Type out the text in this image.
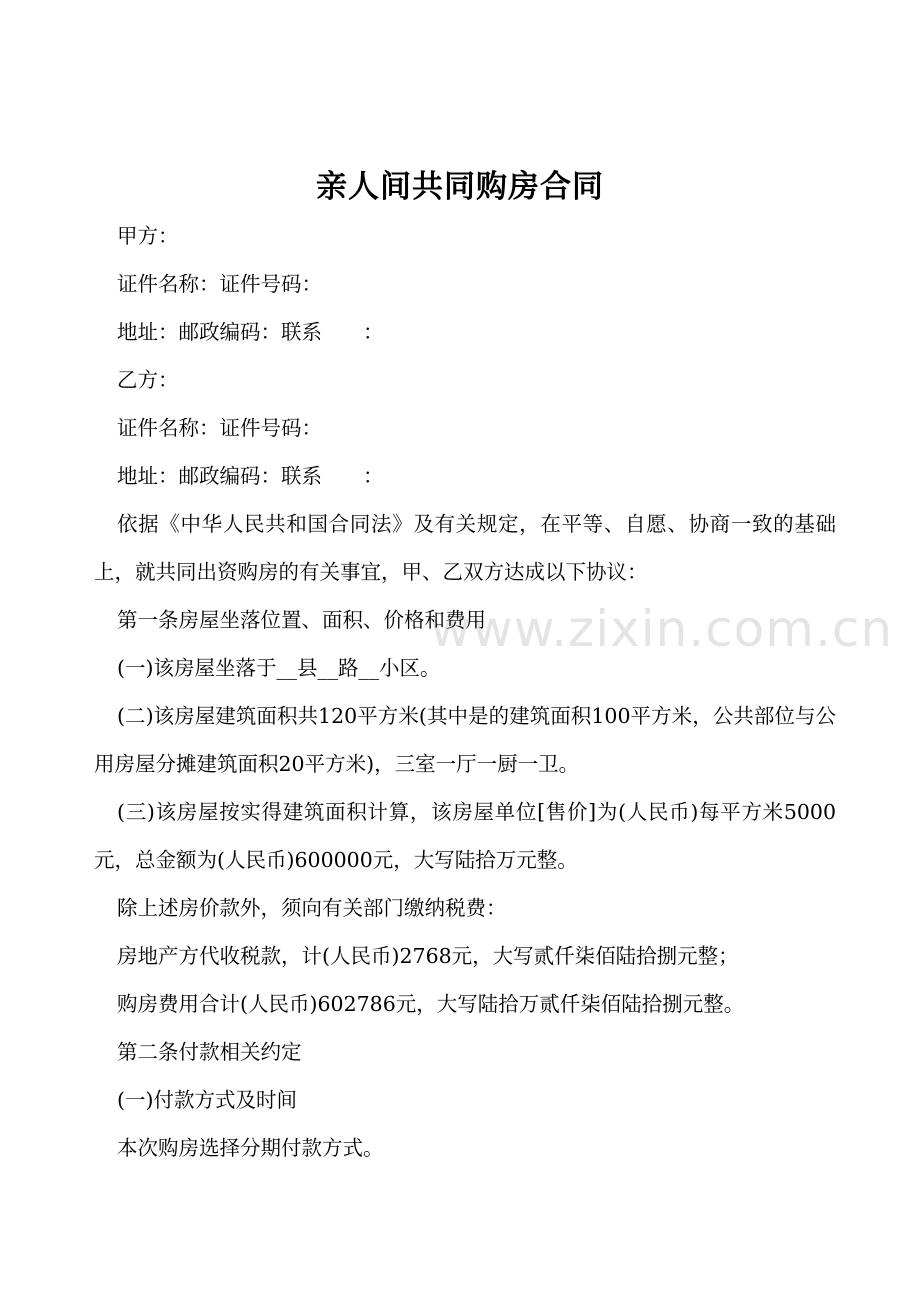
亲人间共同购房合同

甲方：

证件名称：证件号码：

地址：邮政编码：联系　　：

乙方：

证件名称：证件号码：

地址：邮政编码：联系　　：

依据《中华人民共和国合同法》及有关规定，在平等、自愿、协商一致的基础上，就共同出资购房的有关事宜，甲、乙双方达成以下协议：

第一条房屋坐落位置、面积、价格和费用

(一)该房屋坐落于__县__路__小区。

(二)该房屋建筑面积共120平方米(其中是的建筑面积100平方米，公共部位与公用房屋分摊建筑面积20平方米)，三室一厅一厨一卫。

(三)该房屋按实得建筑面积计算，该房屋单位[售价]为(人民币)每平方米5000元，总金额为(人民币)600000元，大写陆拾万元整。

除上述房价款外，须向有关部门缴纳税费：

房地产方代收税款，计(人民币)2768元，大写贰仟柒佰陆拾捌元整；

购房费用合计(人民币)602786元，大写陆拾万贰仟柒佰陆拾捌元整。

第二条付款相关约定

(一)付款方式及时间

本次购房选择分期付款方式。

www.zixin.com.cn
